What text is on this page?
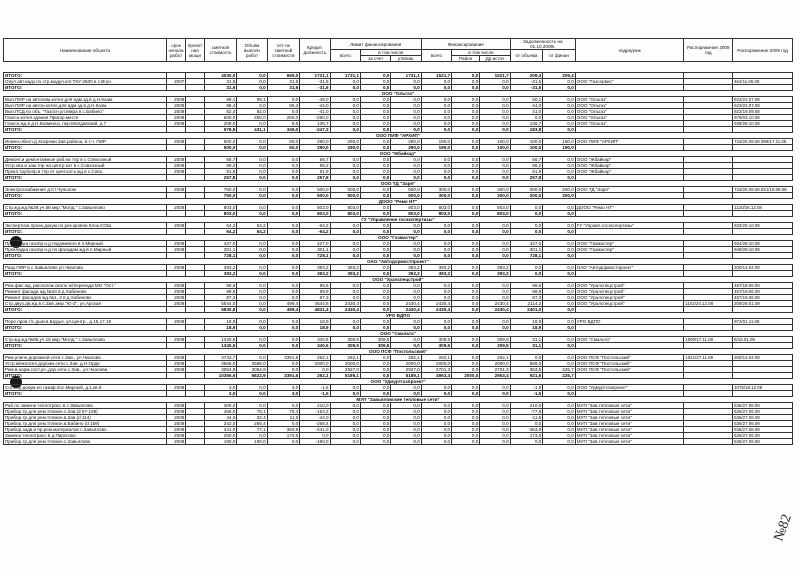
Наименование объекта	срок начала работ	проект ная мощн	сметная стоимость	Объём выполн работ	ост-ок сметной стоимости	Кредит. должность	Лимит финансирования			Финансирование			Задолженность на 01.10.2009г.		подрядчик	Распоряжение 2008 год	Распоряжение 2009 год
							всего	в том числе		всего	в том числе		от объема	от финан			
								за счет	утвлим.		Район	Др.источ					
ИТОГО:			4030,0	0,0	669,0	1731,1	1731,1	0,0	1731,1	1521,7	0,0	1521,7	209,4	209,4			
Опул.авт.надз.по стр.модул.кот.ТКУ-2500 в с.Вгун	2007		31,6	0,0	31,6	-31,6	0,0	0,0	0,0	0,0	0,0	0,0	-31,6	0,0	ООО "Газсервис"		464/11.06.08
ИТОГО:			31,6	0,0	31,6	-31,6	0,0	0,0	0,0	0,0	0,0	0,0	-31,6	0,0			
ООО "Ольгаз"																	
Вып.ПИР на автоном.котел.для адм.зд.в д.Н.Казм.	2008		99,1	99,1	0,0	-49,0	0,0	0,0	0,0	0,0	0,0	0,0	50,1	0,0	ООО "Ольгаз"		622/22.07.08
Вып.ПИР на автон.котел.для адм.зд.в д.Н.Казм.	2008		86,4	0,0	86,4	-44,0	0,0	0,0	0,0	0,0	0,0	0,0	-44,0	0,0	ООО "Ольгаз"		623/22.07.08
Вып.ПСД по объ. "Газосн.ул.Мира в с.Бабино"	2008		82,0	82,0	0,0	-41,0	0,0	0,0	0,0	0,0	0,0	0,0	41,0	0,0	ООО "Ольгаз"		822/19.09.08
Газосн.котел.здания Пригор.месте	2008		500,0	250,0	250,0	-250,0	0,0	0,0	0,0	0,0	0,0	0,0	0,0	0,0	ООО "Ольгаз"		979/03.10.08
Газосн.жд.в д.Н.Казмекса, пер.Молдавский, д.7	2008		209,0	0,0	8,6	136,7	0,0	0,0	0,0	0,0	0,0	0,0	136,7	0,0	ООО "Ольгаз"		938/28.10.08
ИТОГО:			978,5	431,1	345,0	-247,3	0,0	0,0	0,0	0,0	0,0	0,0	183,8	0,0			
ООО ПИФ "АРХИП"																	
Инжен.обесп.д.Хохреми Зав.района, в т.ч. ПИР	2008		500,0	0,0	60,0	290,0	290,0	0,0	290,0	190,0	0,0	100,0	100,0	190,0	ООО ПИФ "АРХИП"		743/25.08.08 999/17.11.08
ИТОГО:			500,0	0,0	60,0	290,0	290,0	0,0	290,0	190,0	0,0	100,0	100,0	190,0			
ООО "Жбайкар"																	
Демонт.и демонтажные раб.на тпр в с.Совхозный	2008		66,7	0,0	0,0	66,7	0,0	0,0	0,0	0,0	0,0	0,0	66,7	0,0	ООО "Жбайкар"		
Устр.хвн.и зам.тпр на центр.кот в с.Совхозный	2008		99,2	0,0	0,0	99,2	0,0	0,0	0,0	0,0	0,0	0,0	99,2	0,0	ООО "Жбайкар"		
Прокл.трубопр.в тпр от цент.кот.к жд.в с.Совх.	2008		91,9	0,0	0,0	91,9	0,0	0,0	0,0	0,0	0,0	0,0	91,9	0,0	ООО "Жбайкар"		
ИТОГО:			257,8	0,0	0,0	257,8	0,0	0,0	0,0	0,0	0,0	0,0	257,8	0,0			
ООО ТД "Заря"																	
Электроснабжение д.Ст.Чульпом	2008		750,0	0,0	0,0	500,0	500,0	0,0	500,0	300,0	0,0	300,0	200,0	200,0	ООО ТД "Заря"		743/25.08.08 821/19.09.08
ИТОГО:			750,0	0,0	0,0	500,0	500,0	0,0	500,0	300,0	0,0	300,0	200,0	200,0			
ДООО "Ремо НТ"																	
Стр.жд.жд.№28,уч.58 мкр."Молд." с.Завьялово	2008		803,0	0,0	0,0	803,0	803,0	0,0	803,0	803,0	0,0	803,0	0,0	0,0	ДООО "Ремо НТ"		1120/26.12.08
ИТОГО:			803,0	0,0	0,0	803,0	803,0	0,0	803,0	803,0	0,0	803,0	0,0	0,0			
ГУ "Управление госэкспертизы"																	
Экспертиза проек.докум.по рек.кровли Клок.СОШ	2008		64,2	64,2	0,0	-64,2	0,0	0,0	0,0	0,0	0,0	0,0	0,0	0,0	ГУ "Управл.госэкспертизы"		933/29.10.08
ИТОГО:			64,2	64,2	0,0	-64,2	0,0	0,0	0,0	0,0	0,0	0,0	0,0	0,0			
ООО "Газмастер"																	
Прокладка газопр.н.д подземного в п.Мирный	2008		427,0	0,0	0,0	427,0	0,0	0,0	0,0	0,0	0,0	0,0	427,0	0,0	ООО "Газмастер"		934/28.10.08
Прокладка газопр.н.д по фасадам жд.в п.Мирный	2008		301,1	0,0	0,0	301,1	0,0	0,0	0,0	0,0	0,0	0,0	301,1	0,0	ООО "Газмастер"		949/28.10.08
ИТОГО:			728,1	0,0	0,0	728,1	0,0	0,0	0,0	0,0	0,0	0,0	728,1	0,0			
ОАО "Автодормостпроект"																	
Разр.ПИР в с.Завьялово ул.Чкалова	2008		393,2	0,0	0,0	393,2	393,2	0,0	393,2	393,2	0,0	393,2	0,0	0,0	ОАО "Автодормостпроект"		200/14.04.09
ИТОГО:			393,2	0,0	0,0	393,2	393,2	0,0	393,2	393,2	0,0	393,2	0,0	0,0			
ООО "Уралспецстрой"																	
Рем.фас.жд, располож.около жтпереезда МО "Ост."	2008		99,6	0,0	0,0	99,6	0,0	0,0	0,0	0,0	0,0	0,0	99,6	0,0	ООО "Уралспецстрой"		487/19.06.09
Ремонт фасада жд.№43 в д.Хабиново	2008		99,9	0,0	0,0	99,9	0,0	0,0	0,0	0,0	0,0	0,0	99,9	0,0	ООО "Уралспецстрой"		487/19.06.09
Ремонт фасадов жд.№1, 2 в д.Хабиново	2008		87,3	0,0	0,0	87,3	0,0	0,0	0,0	0,0	0,0	0,0	87,3	0,0	ООО "Уралспецстрой"		487/19.06.09
Стр.двух.дв.жд.в с.Зав.,мкр."Ю-2", ул.Арская	2008		5544,0	0,0	499,4	4544,6	2430,4	0,0	2430,4	2430,4	0,0	2430,4	2114,2	0,0	ООО "Уралспецстрой"	1102/24.12.08	209/29.01.09
ИТОГО:			5830,8	0,0	499,4	4831,4	2430,4	0,0	2430,4	2430,4	0,0	2430,4	2401,0	0,0			
УРО ВДПО																	
Пере.пров.т/с.дым.в.Шудья, ул.Центр., д.15,17,19	2008		18,9	0,0	0,0	18,9	0,0	0,0	0,0	0,0	0,0	0,0	18,9	0,0	УРО ВДПО		972/01.11.08
ИТОГО:			18,9	0,0	0,0	18,9	0,0	0,0	0,0	0,0	0,0	0,0	18,9	0,0			
ООО "Смальта"																	
Стр.жд.жд.№65,уч.15 мкр."Молд." с.Завьялово	2008		1340,6	0,0	0,0	340,6	309,5	309,5	0,0	309,5	0,0	309,5	31,1	0,0	ООО "Смальта"	1000/17.11.08	6/15.01.09
ИТОГО:			1340,6	0,0	0,0	340,6	309,5	309,5	0,0	309,5	0,0	309,5	31,1	0,0			
ООО ПСФ "Постольский"																	
Рем.уличн.дорожной сети с.Зав., ул.Чкалова	2008		3733,7	0,0	3391,6	262,1	262,1	0,0	262,1	262,1	0,0	262,1	0,0	0,0	ООО ПСФ "Постольский"	1021/27.11.08	200/14.04.09
Устр.межпосел.дорожн.сети с.Зав. д.Н.Орде	2008		3566,0	2566,0	0,0	2000,0	2000,0	0,0	2000,0	2000,0	0,0	2000,0	566,0	0,0	ООО ПСФ "Постольский"		
Рем.в.норм.сост.ул.,дор.сети с.Зав., ул.Чкалова	2008		3054,9	3054,9	0,0	0,0	2927,0	0,0	2927,0	2701,3	0,0	2701,3	353,6	225,7	ООО ПСФ "Постольский"		
ИТОГО:			10356,6	5622,9	3391,6	262,1	5189,1	0,0	5189,1	4963,4	2000,0	2963,4	921,6	225,7			
ООО "Удмуртгазпроект"																	
Согл.пр.докум.по газиф.пос.Мирный, д.1,кв.6	2008		3,0	0,0	3,0	-1,5	0,0	0,0	0,0	0,0	0,0	0,0	-1,5	0,0	ООО "Удмуртгазпроект"		1075/18.12.08
ИТОГО:			3,0	0,0	3,0	-1,5	0,0	0,0	0,0	0,0	0,0	0,0	-1,5	0,0			
МУП "Завьяловские тепловые сети"																	
Раб.по замене теплотрасс в с.Завьялово	2008		300,0	0,0	0,0	210,0	0,0	0,0	0,0	0,0	0,0	0,0	210,0	0,0	МУП "Зав.тепловые сети"		536/27.06.09
Прибор.тр.для рем.тплмон.с.Зав.(d 57-108)	2008		466,0	78,1	76,4	-154,2	0,0	0,0	0,0	0,0	0,0	0,0	-77,8	0,0	МУП "Зав.тепловые сети"		536/27.06.09
Прибор.тр.для рем.тплмон.в.Зав.(d 114)	2008		44,0	32,4	11,6	-44,0	0,0	0,0	0,0	0,0	0,0	0,0	-11,6	0,0	МУП "Зав.тепловые сети"		536/27.06.09
Прибор.тр.для рем.тплмон.в.Бабино (d 159)	2008		342,0	266,4	0,0	-266,4	0,0	0,0	0,0	0,0	0,0	0,0	0,0	0,0	МУП "Зав.тепловые сети"		536/27.06.09
Прибор.задв.и пр.рем.материалов с.Завьялово	2008		441,0	77,1	363,9	-441,0	0,0	0,0	0,0	0,0	0,0	0,0	-363,9	0,0	МУП "Зав.тепловые сети"		536/27.06.09
Замена теплотрасс в д.Пирогово	2008		250,0	0,0	173,6	0,0	0,0	0,0	0,0	0,0	0,0	0,0	173,6	0,0	МУП "Зав.тепловые сети"		536/27.06.09
Прибор.тр.для рем.тплмон.с.Завьялово	2008		190,0	190,0	0,0	-190,0	0,0	0,0	0,0	0,0	0,0	0,0	0,0	0,0	МУП "Зав.тепловые сети"		536/27.06.09
№82
